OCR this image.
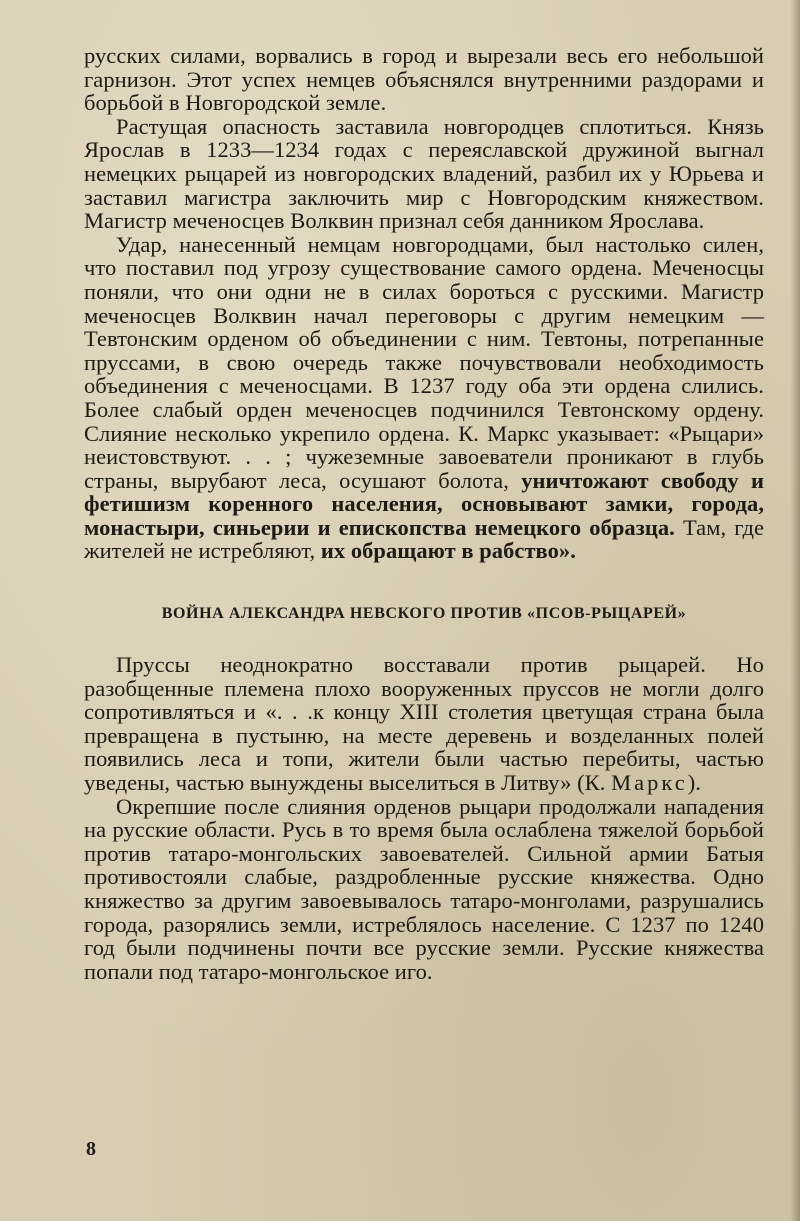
русских силами, ворвались в город и вырезали весь его небольшой гарнизон. Этот успех немцев объяснялся внутренними раздорами и борьбой в Новгородской земле.

Растущая опасность заставила новгородцев сплотиться. Князь Ярослав в 1233—1234 годах с переяславской дружиной выгнал немецких рыцарей из новгородских владений, разбил их у Юрьева и заставил магистра заключить мир с Новгородским княжеством. Магистр меченосцев Волквин признал себя данником Ярослава.

Удар, нанесенный немцам новгородцами, был настолько силен, что поставил под угрозу существование самого ордена. Меченосцы поняли, что они одни не в силах бороться с русскими. Магистр меченосцев Волквин начал переговоры с другим немецким — Тевтонским орденом об объединении с ним. Тевтоны, потрепанные пруссами, в свою очередь также почувствовали необходимость объединения с меченосцами. В 1237 году оба эти ордена слились. Более слабый орден меченосцев подчинился Тевтонскому ордену. Слияние несколько укрепило ордена. К. Маркс указывает: «Рыцари» неистовствуют. . . ; чужеземные завоеватели проникают в глубь страны, вырубают леса, осушают болота, уничтожают свободу и фетишизм коренного населения, основывают замки, города, монастыри, синьерии и епископства немецкого образца. Там, где жителей не истребляют, их обращают в рабство».

ВОЙНА АЛЕКСАНДРА НЕВСКОГО ПРОТИВ «ПСОВ-РЫЦАРЕЙ»

Пруссы неоднократно восставали против рыцарей. Но разобщенные племена плохо вооруженных пруссов не могли долго сопротивляться и «. . .к концу XIII столетия цветущая страна была превращена в пустыню, на месте деревень и возделанных полей появились леса и топи, жители были частью перебиты, частью уведены, частью вынуждены выселиться в Литву» (К. Маркс).

Окрепшие после слияния орденов рыцари продолжали нападения на русские области. Русь в то время была ослаблена тяжелой борьбой против татаро-монгольских завоевателей. Сильной армии Батыя противостояли слабые, раздробленные русские княжества. Одно княжество за другим завоевывалось татаро-монголами, разрушались города, разорялись земли, истреблялось население. С 1237 по 1240 год были подчинены почти все русские земли. Русские княжества попали под татаро-монгольское иго.

8
